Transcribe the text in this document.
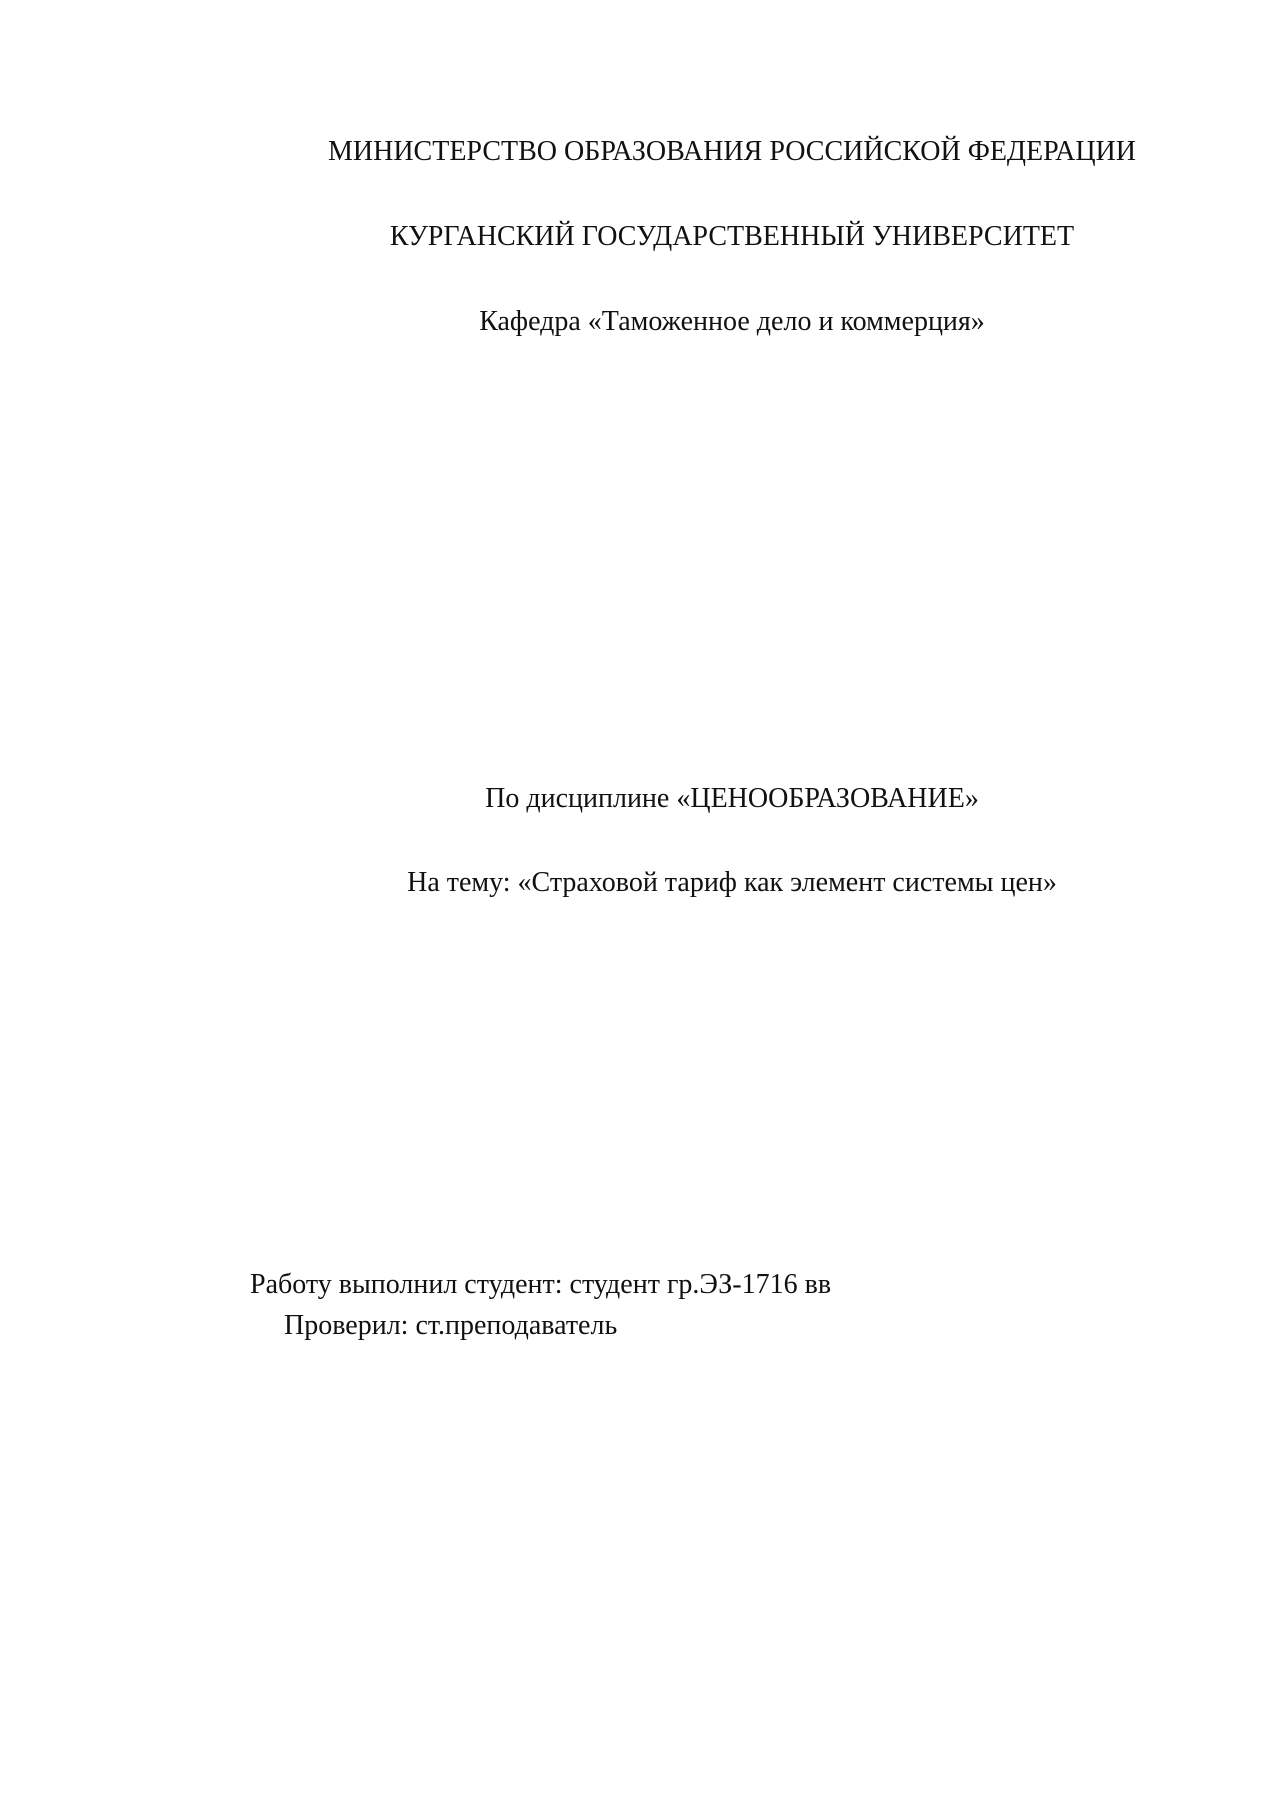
МИНИСТЕРСТВО ОБРАЗОВАНИЯ РОССИЙСКОЙ ФЕДЕРАЦИИ
КУРГАНСКИЙ ГОСУДАРСТВЕННЫЙ УНИВЕРСИТЕТ
Кафедра «Таможенное дело и коммерция»
По дисциплине «ЦЕНООБРАЗОВАНИЕ»
На тему: «Страховой тариф как элемент системы цен»
Работу выполнил студент: студент гр.ЭЗ-1716 вв
Проверил: ст.преподаватель
